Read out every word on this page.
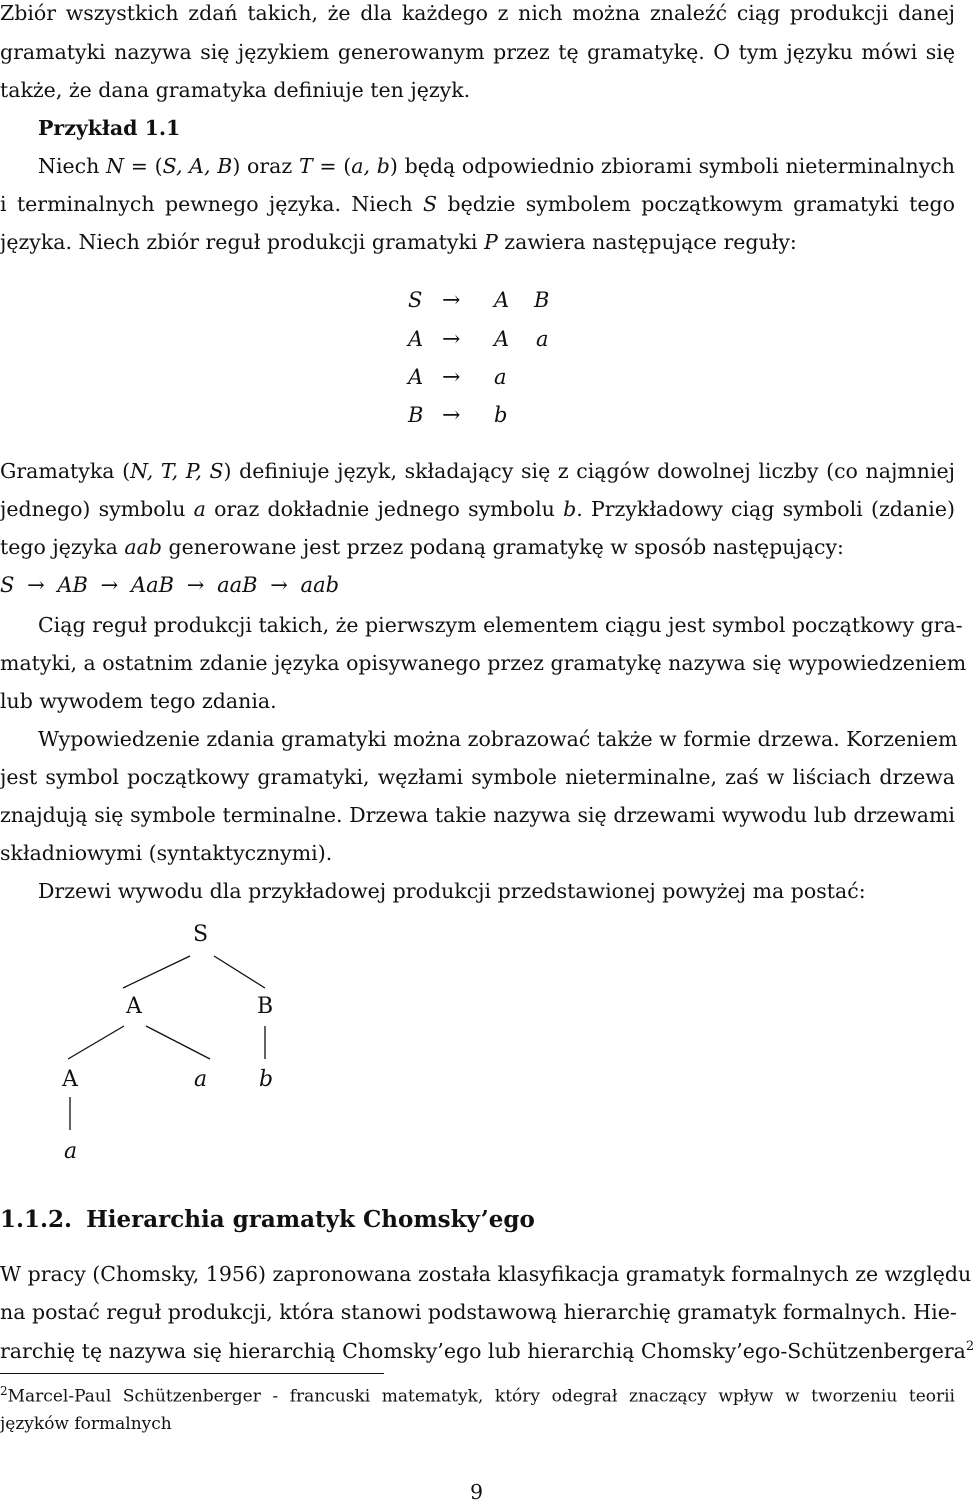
Zbiór wszystkich zdań takich, że dla każdego z nich można znaleźć ciąg produkcji danej
gramatyki nazywa się językiem generowanym przez tę gramatykę. O tym języku mówi się
także, że dana gramatyka definiuje ten język.
Przykład 1.1
Niech N = (S, A, B) oraz T = (a, b) będą odpowiednio zbiorami symboli nieterminalnych
i terminalnych pewnego języka. Niech S będzie symbolem początkowym gramatyki tego
języka. Niech zbiór reguł produkcji gramatyki P zawiera następujące reguły:
S → A B
A → A a
A → a
B → b
Gramatyka (N, T, P, S) definiuje język, składający się z ciągów dowolnej liczby (co najmniej
jednego) symbolu a oraz dokładnie jednego symbolu b. Przykładowy ciąg symboli (zdanie)
tego języka aab generowane jest przez podaną gramatykę w sposób następujący:
S → AB → AaB → aaB → aab
Ciąg reguł produkcji takich, że pierwszym elementem ciągu jest symbol początkowy gra-
matyki, a ostatnim zdanie języka opisywanego przez gramatykę nazywa się wypowiedzeniem
lub wywodem tego zdania.
Wypowiedzenie zdania gramatyki można zobrazować także w formie drzewa. Korzeniem
jest symbol początkowy gramatyki, węzłami symbole nieterminalne, zaś w liściach drzewa
znajdują się symbole terminalne. Drzewa takie nazywa się drzewami wywodu lub drzewami
składniowymi (syntaktycznymi).
Drzewi wywodu dla przykładowej produkcji przedstawionej powyżej ma postać:
S
A	B
A	a b
a
1.1.2. Hierarchia gramatyk Chomsky’ego
W pracy (Chomsky, 1956) zapronowana została klasyfikacja gramatyk formalnych ze względu
na postać reguł produkcji, która stanowi podstawową hierarchię gramatyk formalnych. Hie-
rarchię tę nazywa się hierarchią Chomsky’ego lub hierarchią Chomsky’ego-Schützenbergera$^2$
$^2$Marcel-Paul Schützenberger - francuski matematyk, który odegrał znaczący wpływ w tworzeniu teorii
języków formalnych
9
